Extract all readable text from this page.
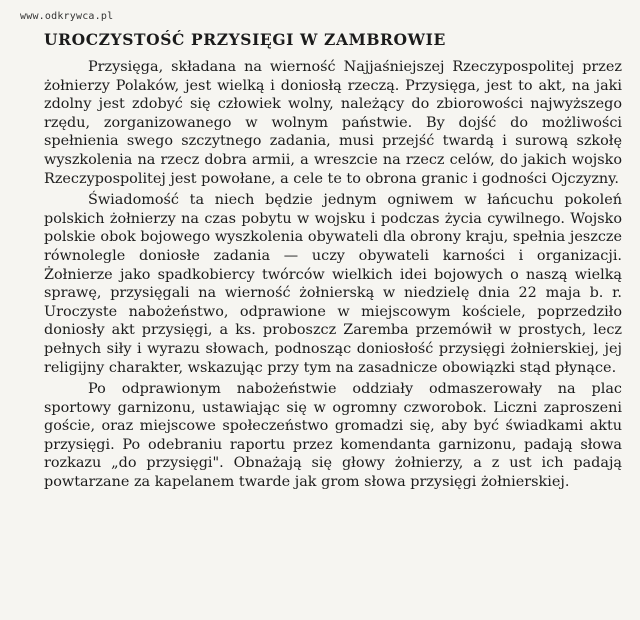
www.odkrywca.pl
UROCZYSTOŚĆ PRZYSIĘGI W ZAMBROWIE

Przysięga, składana na wierność Najjaśniejszej Rzeczypospolitej przez żołnierzy Polaków, jest wielką i doniosłą rzeczą. Przysięga, jest to akt, na jaki zdolny jest zdobyć się człowiek wolny, należący do zbiorowości najwyższego rzędu, zorganizowanego w wolnym państwie. By dojść do możliwości spełnienia swego szczytnego zadania, musi przejść twardą i surową szkołę wyszkolenia na rzecz dobra armii, a wreszcie na rzecz celów, do jakich wojsko Rzeczypospolitej jest powołane, a cele te to obrona granic i godności Ojczyzny.

Świadomość ta niech będzie jednym ogniwem w łańcuchu pokoleń polskich żołnierzy na czas pobytu w wojsku i podczas życia cywilnego. Wojsko polskie obok bojowego wyszkolenia obywateli dla obrony kraju, spełnia jeszcze równolegle doniosłe zadania — uczy obywateli karności i organizacji. Żołnierze jako spadkobiercy twórców wielkich idei bojowych o naszą wielką sprawę, przysięgali na wierność żołnierską w niedzielę dnia 22 maja b. r. Uroczyste nabożeństwo, odprawione w miejscowym kościele, poprzedziło doniosły akt przysięgi, a ks. proboszcz Zaremba przemówił w prostych, lecz pełnych siły i wyrazu słowach, podnosząc doniosłość przysięgi żołnierskiej, jej religijny charakter, wskazując przy tym na zasadnicze obowiązki stąd płynące.

Po odprawionym nabożeństwie oddziały odmaszerowały na plac sportowy garnizonu, ustawiając się w ogromny czworobok. Liczni zaproszeni goście, oraz miejscowe społeczeństwo gromadzi się, aby być świadkami aktu przysięgi. Po odebraniu raportu przez komendanta garnizonu, padają słowa rozkazu „do przysięgi". Obnażają się głowy żołnierzy, a z ust ich padają powtarzane za kapelanem twarde jak grom słowa przysięgi żołnierskiej.
